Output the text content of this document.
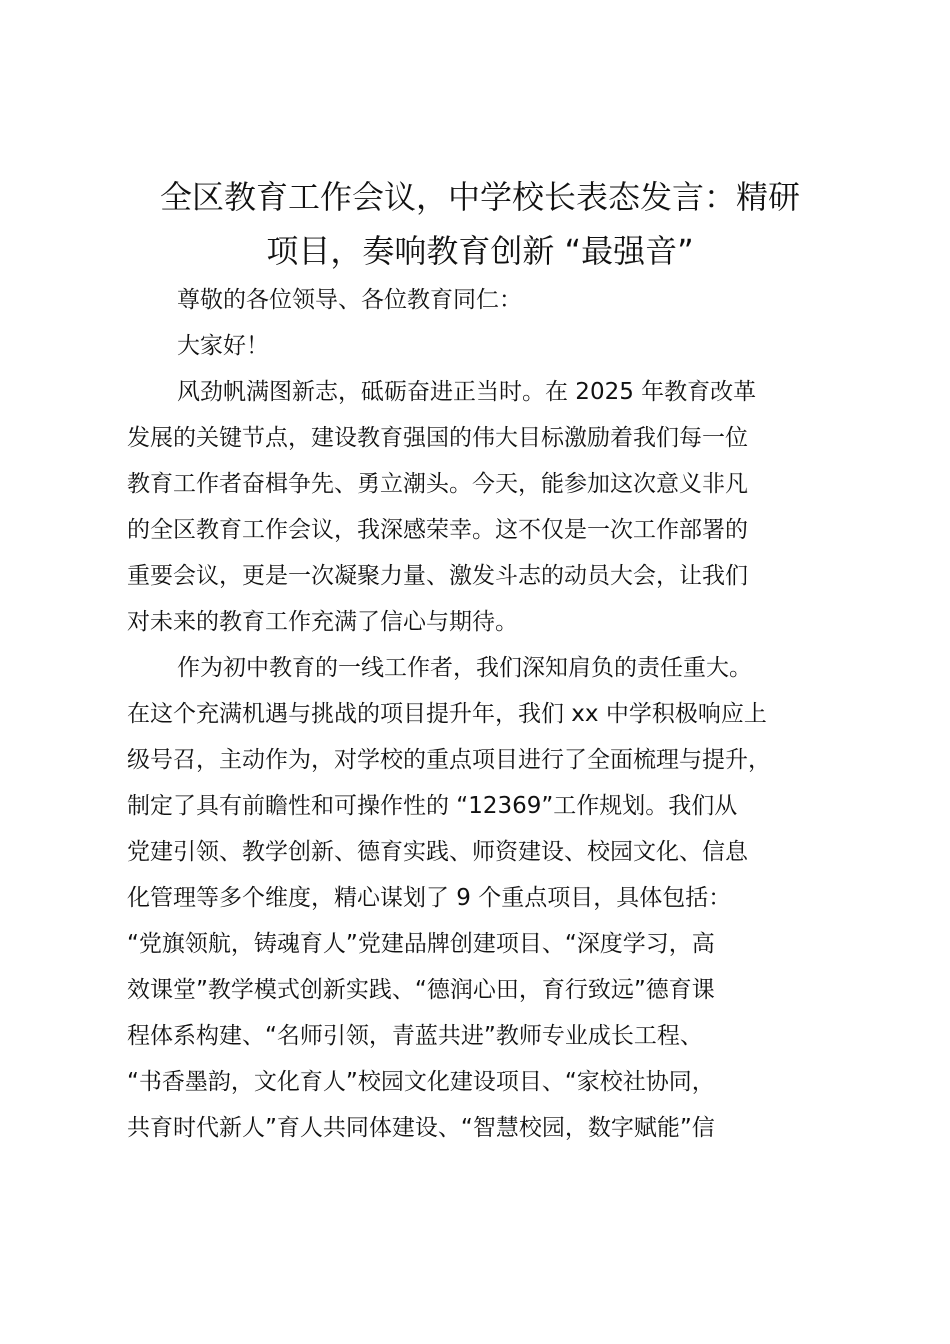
全区教育工作会议，中学校长表态发言：精研
项目，奏响教育创新 “最强音”
尊敬的各位领导、各位教育同仁：
大家好！
风劲帆满图新志，砥砺奋进正当时。在 2025 年教育改革
发展的关键节点，建设教育强国的伟大目标激励着我们每一位
教育工作者奋楫争先、勇立潮头。今天，能参加这次意义非凡
的全区教育工作会议，我深感荣幸。这不仅是一次工作部署的
重要会议，更是一次凝聚力量、激发斗志的动员大会，让我们
对未来的教育工作充满了信心与期待。
作为初中教育的一线工作者，我们深知肩负的责任重大。
在这个充满机遇与挑战的项目提升年，我们 xx 中学积极响应上
级号召，主动作为，对学校的重点项目进行了全面梳理与提升，
制定了具有前瞻性和可操作性的 “12369”工作规划。我们从
党建引领、教学创新、德育实践、师资建设、校园文化、信息
化管理等多个维度，精心谋划了 9 个重点项目，具体包括：
“党旗领航，铸魂育人”党建品牌创建项目、“深度学习，高
效课堂”教学模式创新实践、“德润心田，育行致远”德育课
程体系构建、“名师引领，青蓝共进”教师专业成长工程、
“书香墨韵，文化育人”校园文化建设项目、“家校社协同，
共育时代新人”育人共同体建设、“智慧校园，数字赋能”信
